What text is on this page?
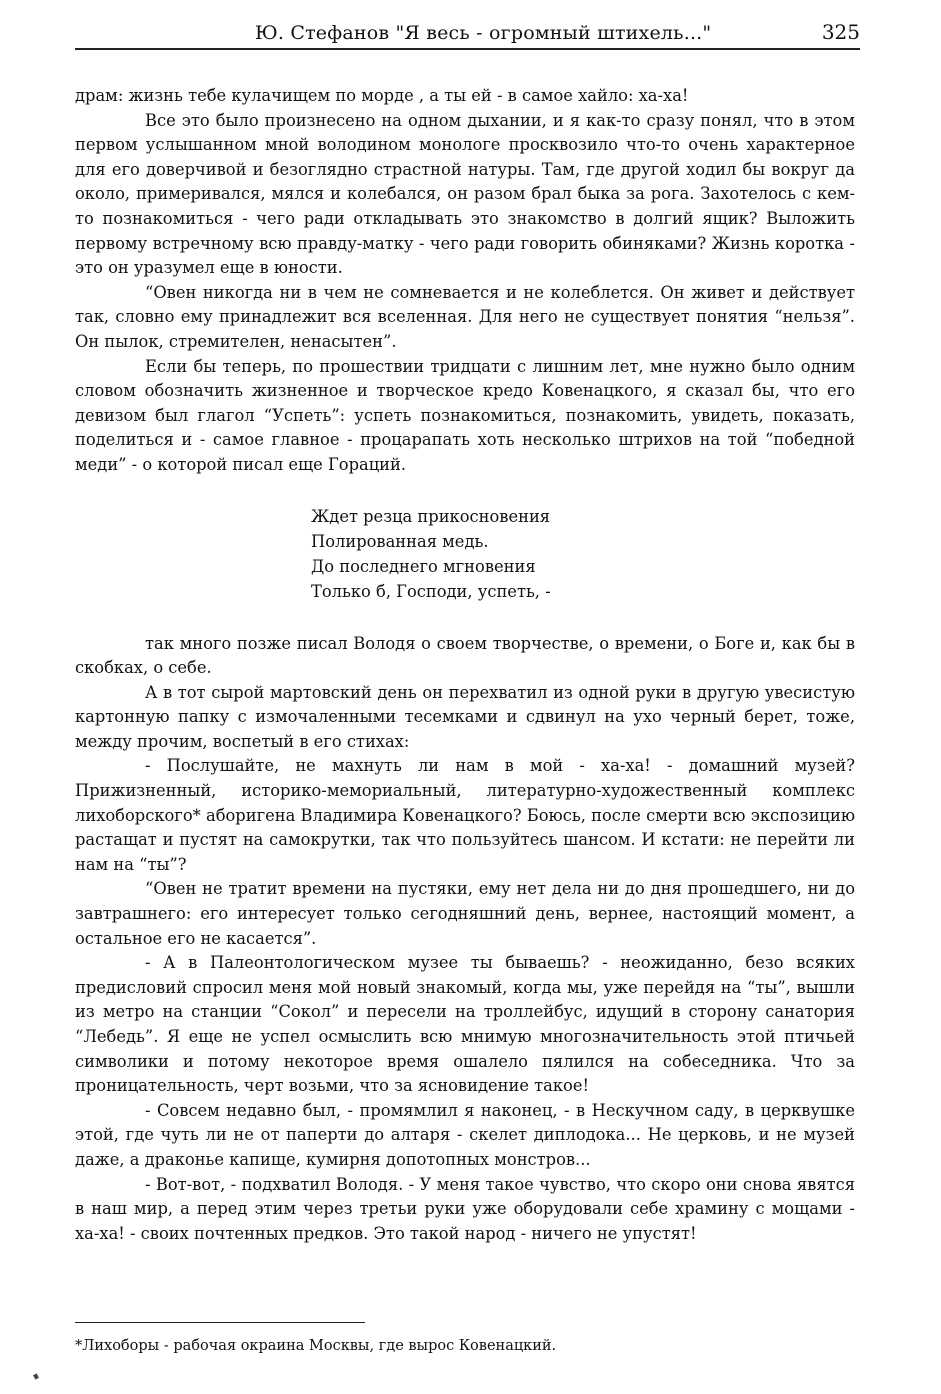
Ю. Стефанов "Я весь - огромный штихель..."	325

драм: жизнь тебе кулачищем по морде , а ты ей - в самое хайло: ха-ха!

Все это было произнесено на одном дыхании, и я как-то сразу понял, что в этом первом услышанном мной володином монологе просквозило что-то очень характерное для его доверчивой и безоглядно страстной натуры. Там, где другой ходил бы вокруг да около, примеривался, мялся и колебался, он разом брал быка за рога. Захотелось с кем-то познакомиться - чего ради откладывать это знакомство в долгий ящик? Выложить первому встречному всю правду-матку - чего ради говорить обиняками? Жизнь коротка - это он уразумел еще в юности.

“Овен никогда ни в чем не сомневается и не колеблется. Он живет и действует так, словно ему принадлежит вся вселенная. Для него не существует понятия “нельзя”. Он пылок, стремителен, ненасытен”.

Если бы теперь, по прошествии тридцати с лишним лет, мне нужно было одним словом обозначить жизненное и творческое кредо Ковенацкого, я сказал бы, что его девизом был глагол “Успеть”: успеть познакомиться, познакомить, увидеть, показать, поделиться и - самое главное - процарапать хоть несколько штрихов на той “победной меди” - о которой писал еще Гораций.

Ждет резца прикосновения
Полированная медь.
До последнего мгновения
Только б, Господи, успеть, -

так много позже писал Володя о своем творчестве, о времени, о Боге и, как бы в скобках, о себе.

А в тот сырой мартовский день он перехватил из одной руки в другую увесистую картонную папку с измочаленными тесемками и сдвинул на ухо черный берет, тоже, между прочим, воспетый в его стихах:

- Послушайте, не махнуть ли нам в мой - ха-ха! - домашний музей? Прижизненный, историко-мемориальный, литературно-художественный комплекс лихоборского* аборигена Владимира Ковенацкого? Боюсь, после смерти всю экспозицию растащат и пустят на самокрутки, так что пользуйтесь шансом. И кстати: не перейти ли нам на “ты”?

“Овен не тратит времени на пустяки, ему нет дела ни до дня прошедшего, ни до завтрашнего: его интересует только сегодняшний день, вернее, настоящий момент, а остальное его не касается”.

- А в Палеонтологическом музее ты бываешь? - неожиданно, безо всяких предисловий спросил меня мой новый знакомый, когда мы, уже перейдя на “ты”, вышли из метро на станции “Сокол” и пересели на троллейбус, идущий в сторону санатория “Лебедь”. Я еще не успел осмыслить всю мнимую многозначительность этой птичьей символики и потому некоторое время ошалело пялился на собеседника. Что за проницательность, черт возьми, что за ясновидение такое!

- Совсем недавно был, - промямлил я наконец, - в Нескучном саду, в церквушке этой, где чуть ли не от паперти до алтаря - скелет диплодока... Не церковь, и не музей даже, а драконье капище, кумирня допотопных монстров...

- Вот-вот, - подхватил Володя. - У меня такое чувство, что скоро они снова явятся в наш мир, а перед этим через третьи руки уже оборудовали себе храмину с мощами - ха-ха! - своих почтенных предков. Это такой народ - ничего не упустят!

*Лихоборы - рабочая окраина Москвы, где вырос Ковенацкий.
